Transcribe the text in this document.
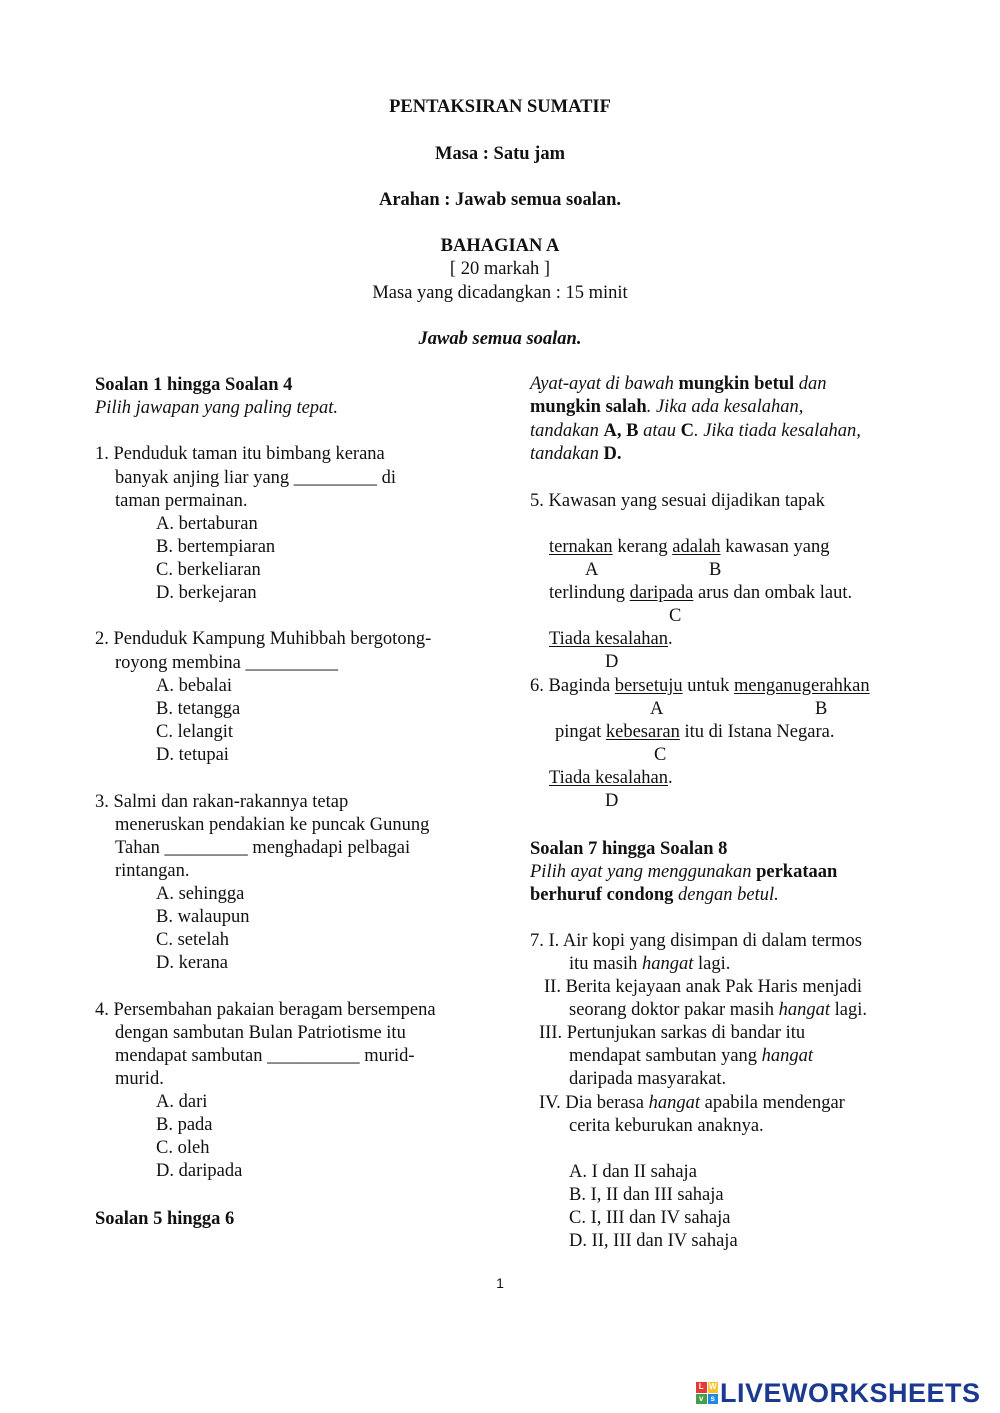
PENTAKSIRAN SUMATIF
Masa : Satu jam
Arahan : Jawab semua soalan.
BAHAGIAN A
[ 20 markah ]
Masa yang dicadangkan : 15 minit
Jawab semua soalan.
Soalan 1 hingga Soalan 4
Pilih jawapan yang paling tepat.
1. Penduduk taman itu bimbang kerana
banyak anjing liar yang _________ di
taman permainan.
A. bertaburan
B. bertempiaran
C. berkeliaran
D. berkejaran
2. Penduduk Kampung Muhibbah bergotong-
royong membina __________
A. bebalai
B. tetangga
C. lelangit
D. tetupai
3. Salmi dan rakan-rakannya tetap
meneruskan pendakian ke puncak Gunung
Tahan _________ menghadapi pelbagai
rintangan.
A. sehingga
B. walaupun
C. setelah
D. kerana
4. Persembahan pakaian beragam bersempena
dengan sambutan Bulan Patriotisme itu
mendapat sambutan __________ murid-
murid.
A. dari
B. pada
C. oleh
D. daripada
Soalan 5 hingga 6
Ayat-ayat di bawah mungkin betul dan
mungkin salah. Jika ada kesalahan,
tandakan A, B atau C. Jika tiada kesalahan,
tandakan D.
5. Kawasan yang sesuai dijadikan tapak
ternakan kerang adalah kawasan yang
A	B
terlindung daripada arus dan ombak laut.
C
Tiada kesalahan.
D
6. Baginda bersetuju untuk menganugerahkan
A	B
pingat kebesaran itu di Istana Negara.
C
Tiada kesalahan.
D
Soalan 7 hingga Soalan 8
Pilih ayat yang menggunakan perkataan
berhuruf condong dengan betul.
7. I. Air kopi yang disimpan di dalam termos
itu masih hangat lagi.
II. Berita kejayaan anak Pak Haris menjadi
seorang doktor pakar masih hangat lagi.
III. Pertunjukan sarkas di bandar itu
mendapat sambutan yang hangat
daripada masyarakat.
IV. Dia berasa hangat apabila mendengar
cerita keburukan anaknya.
A. I dan II sahaja
B. I, II dan III sahaja
C. I, III dan IV sahaja
D. II, III dan IV sahaja
1
L W
v s LIVEWORKSHEETS
